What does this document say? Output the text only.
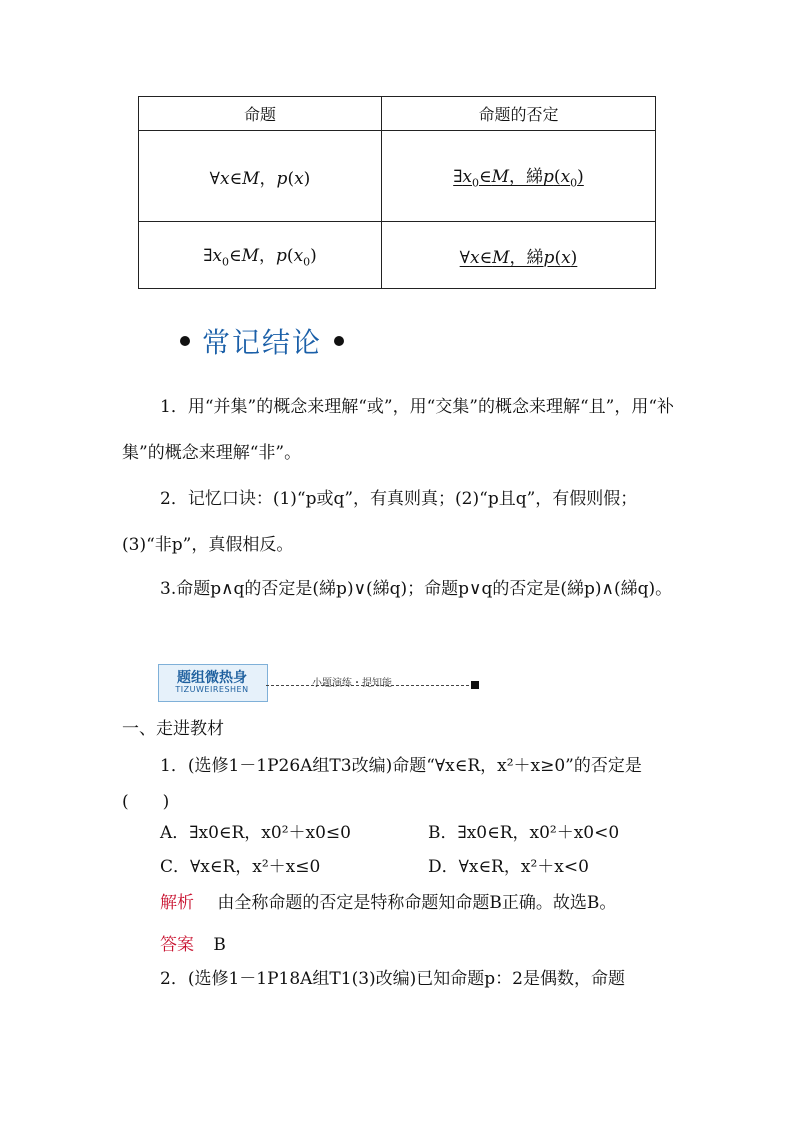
命题	命题的否定
∀x∈M，p(x)	$\exists x_0\in M$，綈$p(x_0)$
$\exists x_0\in M$，$p(x_0)$	∀x∈M，綈p(x)
常记结论
1．用“并集”的概念来理解“或”，用“交集”的概念来理解“且”，用“补集”的概念来理解“非”。
2．记忆口诀：(1)“p或q”，有真则真；(2)“p且q”，有假则假；(3)“非p”，真假相反。
3.命题p∧q的否定是(綈p)∨(綈q)；命题p∨q的否定是(綈p)∧(綈q)。
题组微热身
TIZUWEIRESHEN
小题演练・提知能
一、走进教材
1．(选修1－1P26A组T3改编)命题“∀x∈R，x²＋x≥0”的否定是(　　)
A．∃x0∈R，x0²＋x0≤0	B．∃x0∈R，x0²＋x0<0
C．∀x∈R，x²＋x≤0	D．∀x∈R，x²＋x<0
解析 由全称命题的否定是特称命题知命题B正确。故选B。
答案 B
2．(选修1－1P18A组T1(3)改编)已知命题p：2是偶数，命题
